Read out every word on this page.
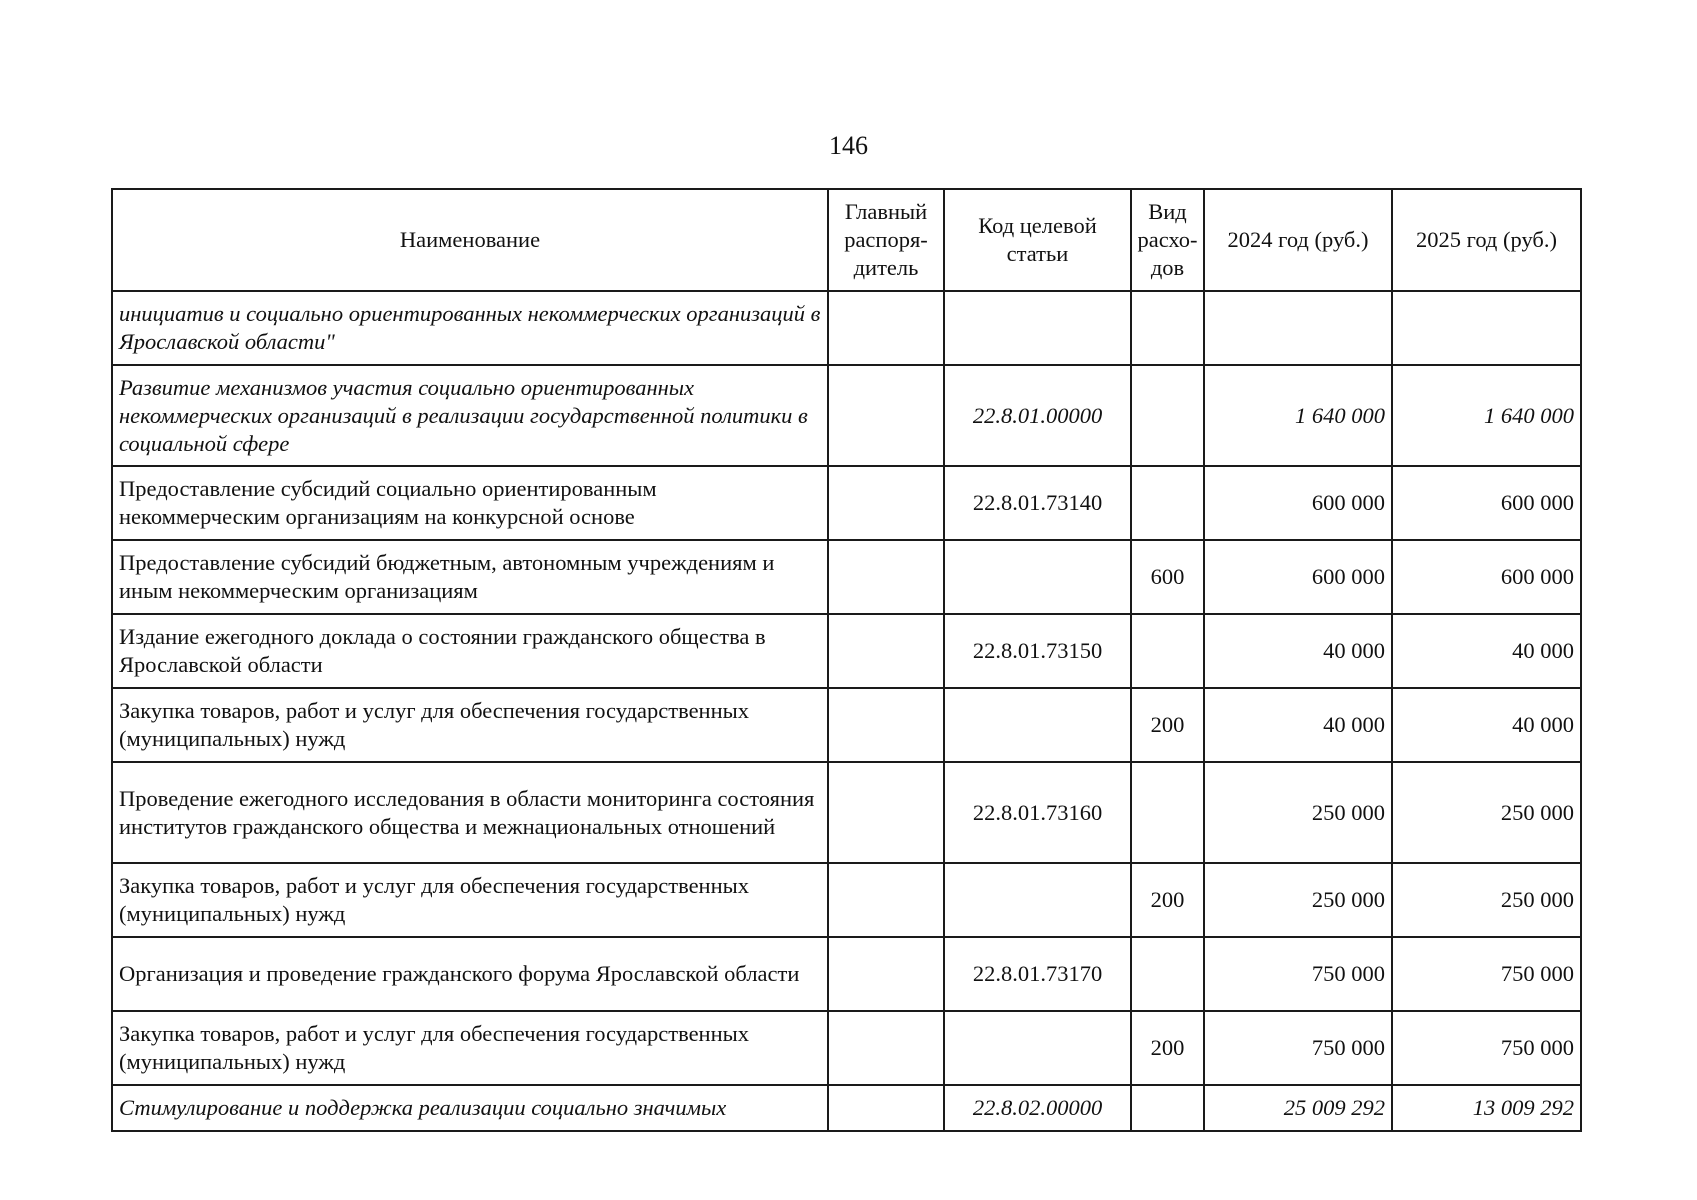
146
Наименование	Главный распоря-дитель	Код целевой статьи	Вид расхо-дов	2024 год (руб.)	2025 год (руб.)
инициатив и социально ориентированных некоммерческих организаций в Ярославской области"					
Развитие механизмов участия социально ориентированных некоммерческих организаций в реализации государственной политики в социальной сфере		22.8.01.00000		1 640 000	1 640 000
Предоставление субсидий социально ориентированным некоммерческим организациям на конкурсной основе		22.8.01.73140		600 000	600 000
Предоставление субсидий бюджетным, автономным учреждениям и иным некоммерческим организациям			600	600 000	600 000
Издание ежегодного доклада о состоянии гражданского общества в Ярославской области		22.8.01.73150		40 000	40 000
Закупка товаров, работ и услуг для обеспечения государственных (муниципальных) нужд			200	40 000	40 000
Проведение ежегодного исследования в области мониторинга состояния институтов гражданского общества и межнациональных отношений		22.8.01.73160		250 000	250 000
Закупка товаров, работ и услуг для обеспечения государственных (муниципальных) нужд			200	250 000	250 000
Организация и проведение гражданского форума Ярославской области		22.8.01.73170		750 000	750 000
Закупка товаров, работ и услуг для обеспечения государственных (муниципальных) нужд			200	750 000	750 000
Стимулирование и поддержка реализации социально значимых		22.8.02.00000		25 009 292	13 009 292
